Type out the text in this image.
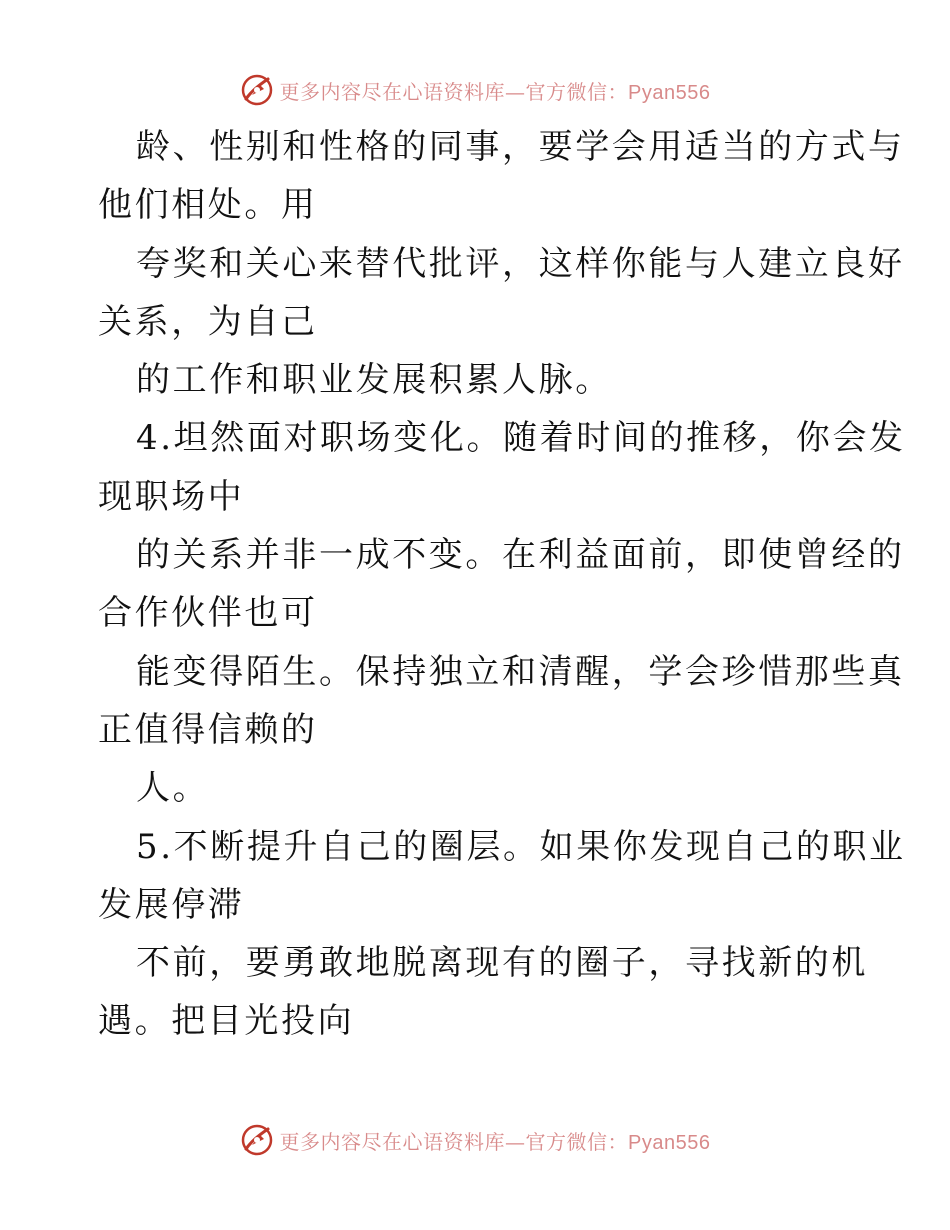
更多内容尽在心语资料库—官方微信：Pyan556
龄、性别和性格的同事，要学会用适当的方式与
他们相处。用
夸奖和关心来替代批评，这样你能与人建立良好
关系，为自己
的工作和职业发展积累人脉。
4.坦然面对职场变化。随着时间的推移，你会发
现职场中
的关系并非一成不变。在利益面前，即使曾经的
合作伙伴也可
能变得陌生。保持独立和清醒，学会珍惜那些真
正值得信赖的
人。
5.不断提升自己的圈层。如果你发现自己的职业
发展停滞
不前，要勇敢地脱离现有的圈子，寻找新的机
遇。把目光投向
更多内容尽在心语资料库—官方微信：Pyan556
